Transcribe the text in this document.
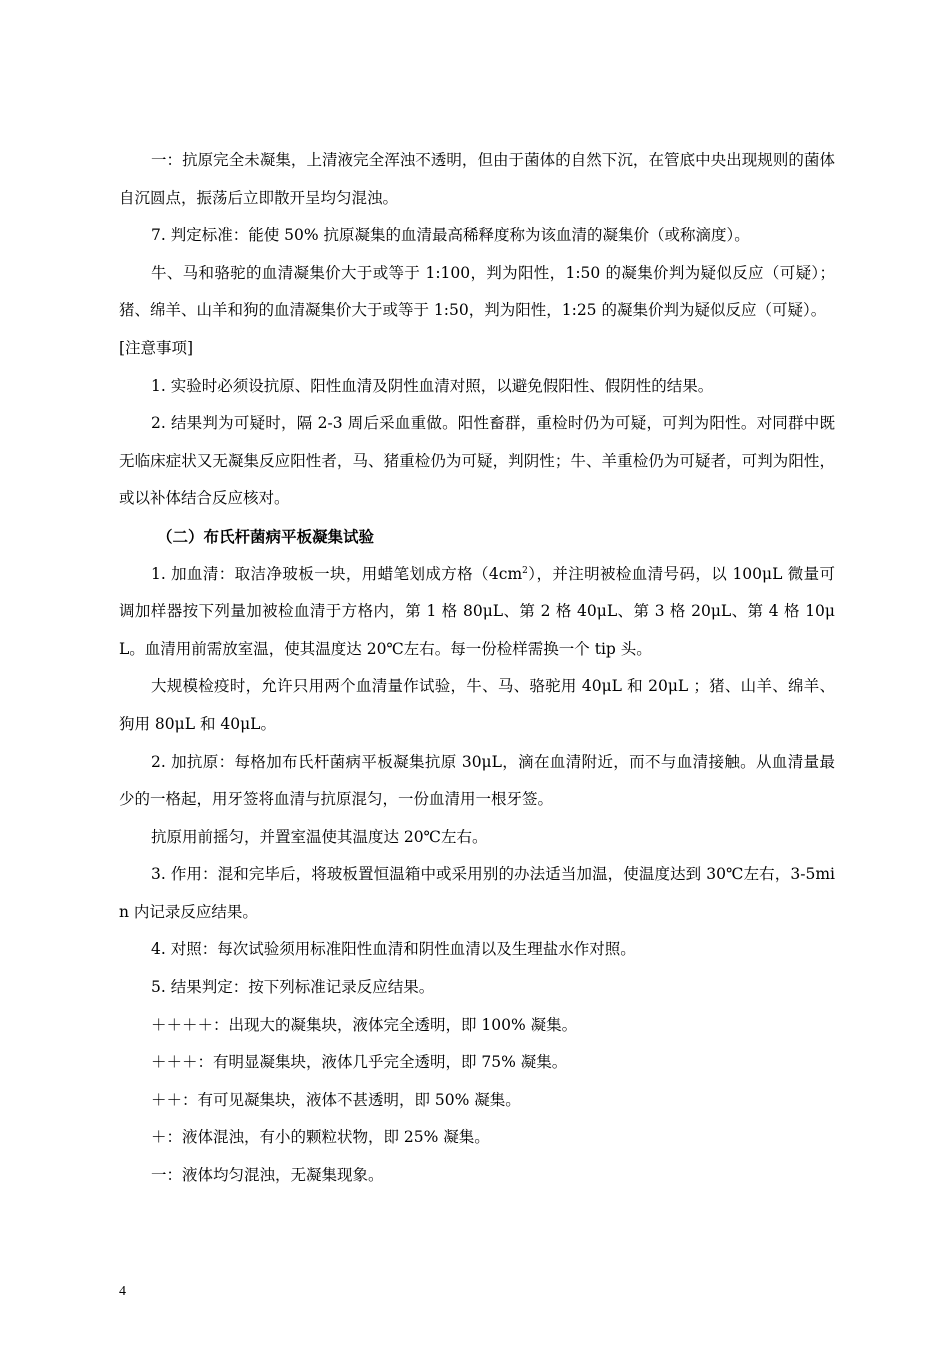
一：抗原完全未凝集，上清液完全浑浊不透明，但由于菌体的自然下沉，在管底中央出现规则的菌体自沉圆点，振荡后立即散开呈均匀混浊。

7. 判定标准：能使 50% 抗原凝集的血清最高稀释度称为该血清的凝集价（或称滴度）。

牛、马和骆驼的血清凝集价大于或等于 1:100，判为阳性，1:50 的凝集价判为疑似反应（可疑）；猪、绵羊、山羊和狗的血清凝集价大于或等于 1:50，判为阳性，1:25 的凝集价判为疑似反应（可疑）。

[注意事项]

1. 实验时必须设抗原、阳性血清及阴性血清对照，以避免假阳性、假阴性的结果。

2. 结果判为可疑时，隔 2-3 周后采血重做。阳性畜群，重检时仍为可疑，可判为阳性。对同群中既无临床症状又无凝集反应阳性者，马、猪重检仍为可疑，判阴性；牛、羊重检仍为可疑者，可判为阳性，或以补体结合反应核对。

（二）布氏杆菌病平板凝集试验

1. 加血清：取洁净玻板一块，用蜡笔划成方格$(4cm^2)$，并注明被检血清号码，以 100μL 微量可调加样器按下列量加被检血清于方格内，第 1 格 80μL、第 2 格 40μL、第 3 格 20μL、第 4 格 10μL。血清用前需放室温，使其温度达 20℃左右。每一份检样需换一个 tip 头。

大规模检疫时，允许只用两个血清量作试验，牛、马、骆驼用 40μL 和 20μL ；猪、山羊、绵羊、狗用 80μL 和 40μL。

2. 加抗原：每格加布氏杆菌病平板凝集抗原 30μL，滴在血清附近，而不与血清接触。从血清量最少的一格起，用牙签将血清与抗原混匀，一份血清用一根牙签。

抗原用前摇匀，并置室温使其温度达 20℃左右。

3. 作用：混和完毕后，将玻板置恒温箱中或采用别的办法适当加温，使温度达到 30℃左右，3-5min 内记录反应结果。

4. 对照：每次试验须用标准阳性血清和阴性血清以及生理盐水作对照。

5. 结果判定：按下列标准记录反应结果。

＋＋＋＋：出现大的凝集块，液体完全透明，即 100% 凝集。

＋＋＋：有明显凝集块，液体几乎完全透明，即 75% 凝集。

＋＋：有可见凝集块，液体不甚透明，即 50% 凝集。

＋：液体混浊，有小的颗粒状物，即 25% 凝集。

一：液体均匀混浊，无凝集现象。

4
